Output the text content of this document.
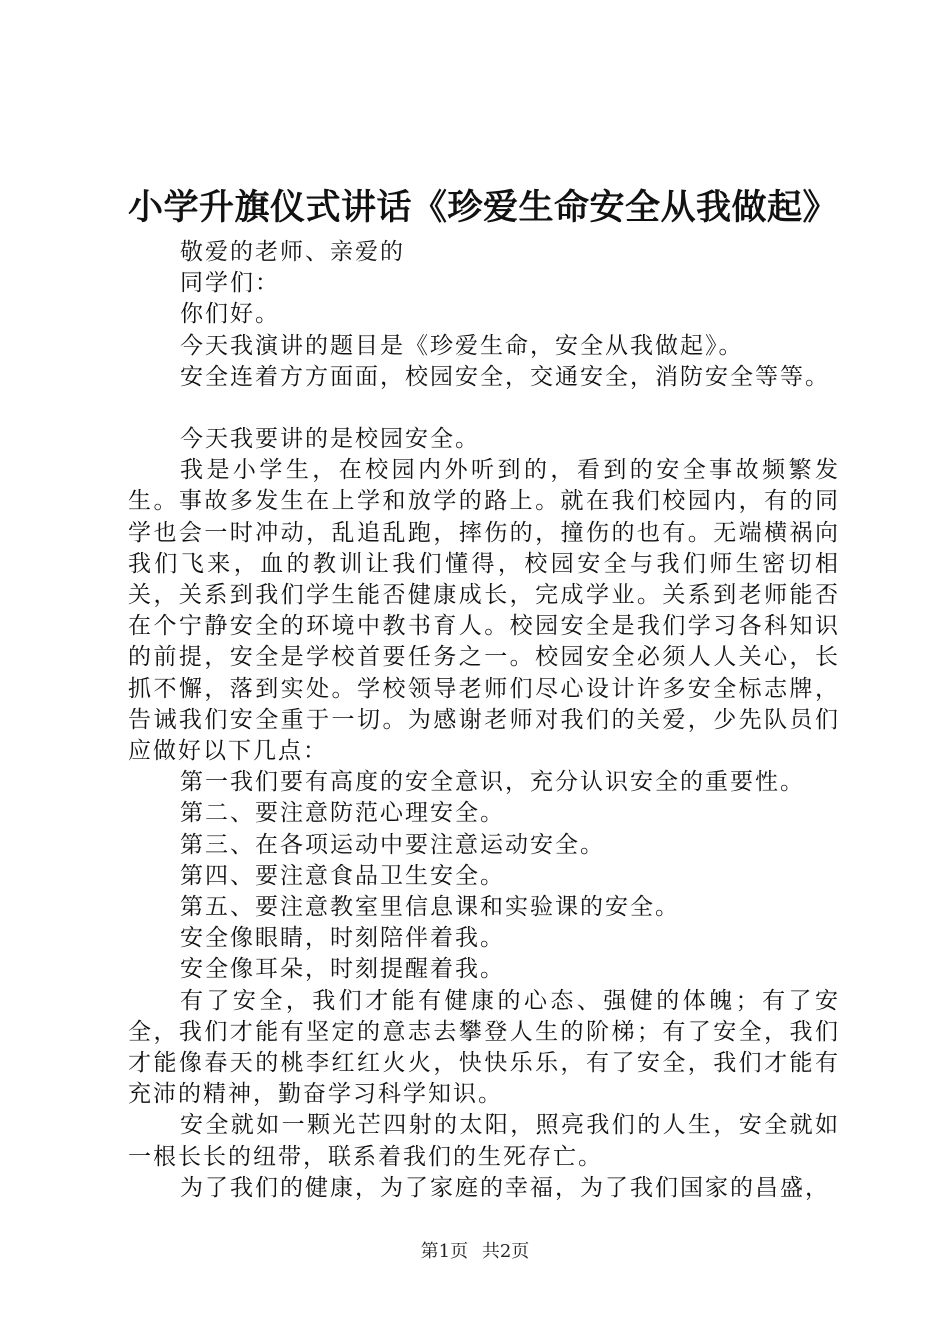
小学升旗仪式讲话《珍爱生命安全从我做起》

敬爱的老师、亲爱的

同学们：

你们好。

今天我演讲的题目是《珍爱生命，安全从我做起》。

安全连着方方面面，校园安全，交通安全，消防安全等等。

今天我要讲的是校园安全。

我是小学生，在校园内外听到的，看到的安全事故频繁发生。事故多发生在上学和放学的路上。就在我们校园内，有的同学也会一时冲动，乱追乱跑，摔伤的，撞伤的也有。无端横祸向我们飞来，血的教训让我们懂得，校园安全与我们师生密切相关，关系到我们学生能否健康成长，完成学业。关系到老师能否在个宁静安全的环境中教书育人。校园安全是我们学习各科知识的前提，安全是学校首要任务之一。校园安全必须人人关心，长抓不懈，落到实处。学校领导老师们尽心设计许多安全标志牌，告诫我们安全重于一切。为感谢老师对我们的关爱，少先队员们应做好以下几点：

第一我们要有高度的安全意识，充分认识安全的重要性。

第二、要注意防范心理安全。

第三、在各项运动中要注意运动安全。

第四、要注意食品卫生安全。

第五、要注意教室里信息课和实验课的安全。

安全像眼睛，时刻陪伴着我。

安全像耳朵，时刻提醒着我。

有了安全，我们才能有健康的心态、强健的体魄；有了安全，我们才能有坚定的意志去攀登人生的阶梯；有了安全，我们才能像春天的桃李红红火火，快快乐乐，有了安全，我们才能有充沛的精神，勤奋学习科学知识。

安全就如一颗光芒四射的太阳，照亮我们的人生，安全就如一根长长的纽带，联系着我们的生死存亡。

为了我们的健康，为了家庭的幸福，为了我们国家的昌盛，

第1页 共2页
